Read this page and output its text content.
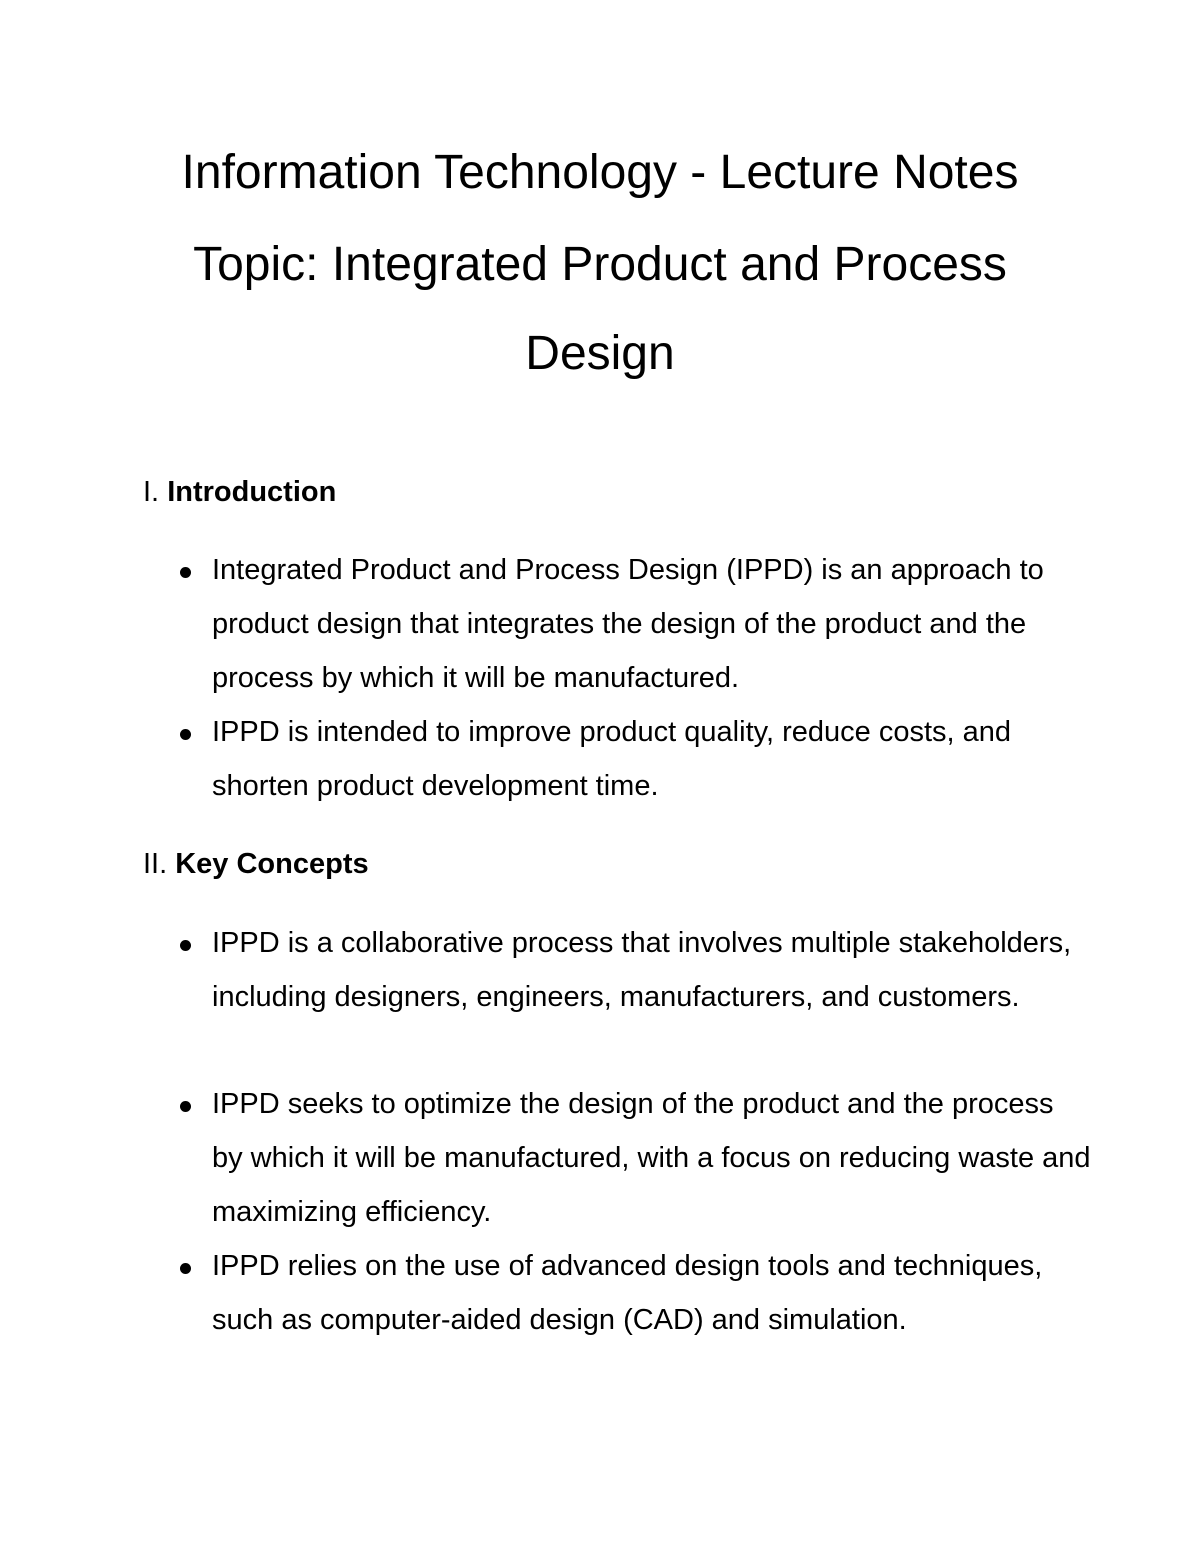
Information Technology - Lecture Notes
Topic: Integrated Product and Process
Design

I. Introduction

Integrated Product and Process Design (IPPD) is an approach to product design that integrates the design of the product and the process by which it will be manufactured.

IPPD is intended to improve product quality, reduce costs, and shorten product development time.

II. Key Concepts

IPPD is a collaborative process that involves multiple stakeholders, including designers, engineers, manufacturers, and customers.

IPPD seeks to optimize the design of the product and the process by which it will be manufactured, with a focus on reducing waste and maximizing efficiency.

IPPD relies on the use of advanced design tools and techniques, such as computer-aided design (CAD) and simulation.
